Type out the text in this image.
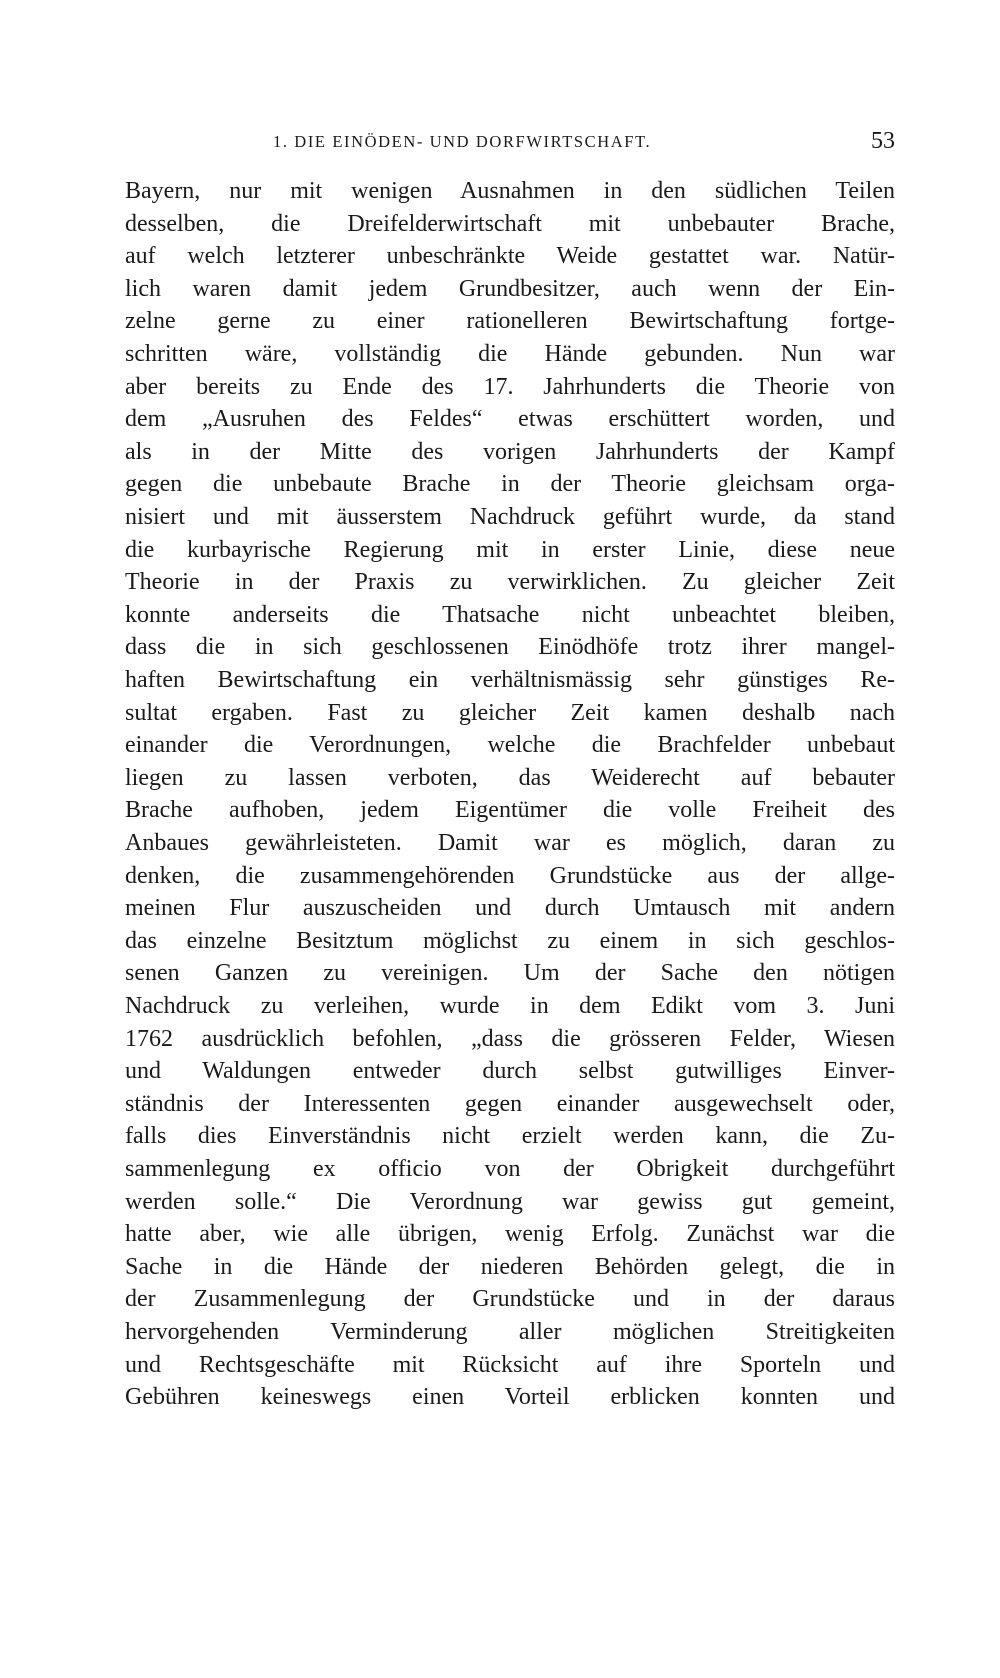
1. DIE EINÖDEN- UND DORFWIRTSCHAFT.	53
Bayern, nur mit wenigen Ausnahmen in den südlichen Teilen
desselben, die Dreifelderwirtschaft mit unbebauter Brache,
auf welch letzterer unbeschränkte Weide gestattet war. Natür-
lich waren damit jedem Grundbesitzer, auch wenn der Ein-
zelne gerne zu einer rationelleren Bewirtschaftung fortge-
schritten wäre, vollständig die Hände gebunden. Nun war
aber bereits zu Ende des 17. Jahrhunderts die Theorie von
dem „Ausruhen des Feldes“ etwas erschüttert worden, und
als in der Mitte des vorigen Jahrhunderts der Kampf
gegen die unbebaute Brache in der Theorie gleichsam orga-
nisiert und mit äusserstem Nachdruck geführt wurde, da stand
die kurbayrische Regierung mit in erster Linie, diese neue
Theorie in der Praxis zu verwirklichen. Zu gleicher Zeit
konnte anderseits die Thatsache nicht unbeachtet bleiben,
dass die in sich geschlossenen Einödhöfe trotz ihrer mangel-
haften Bewirtschaftung ein verhältnismässig sehr günstiges Re-
sultat ergaben. Fast zu gleicher Zeit kamen deshalb nach
einander die Verordnungen, welche die Brachfelder unbebaut
liegen zu lassen verboten, das Weiderecht auf bebauter
Brache aufhoben, jedem Eigentümer die volle Freiheit des
Anbaues gewährleisteten. Damit war es möglich, daran zu
denken, die zusammengehörenden Grundstücke aus der allge-
meinen Flur auszuscheiden und durch Umtausch mit andern
das einzelne Besitztum möglichst zu einem in sich geschlos-
senen Ganzen zu vereinigen. Um der Sache den nötigen
Nachdruck zu verleihen, wurde in dem Edikt vom 3. Juni
1762 ausdrücklich befohlen, „dass die grösseren Felder, Wiesen
und Waldungen entweder durch selbst gutwilliges Einver-
ständnis der Interessenten gegen einander ausgewechselt oder,
falls dies Einverständnis nicht erzielt werden kann, die Zu-
sammenlegung ex officio von der Obrigkeit durchgeführt
werden solle.“ Die Verordnung war gewiss gut gemeint,
hatte aber, wie alle übrigen, wenig Erfolg. Zunächst war die
Sache in die Hände der niederen Behörden gelegt, die in
der Zusammenlegung der Grundstücke und in der daraus
hervorgehenden Verminderung aller möglichen Streitigkeiten
und Rechtsgeschäfte mit Rücksicht auf ihre Sporteln und
Gebühren keineswegs einen Vorteil erblicken konnten und
